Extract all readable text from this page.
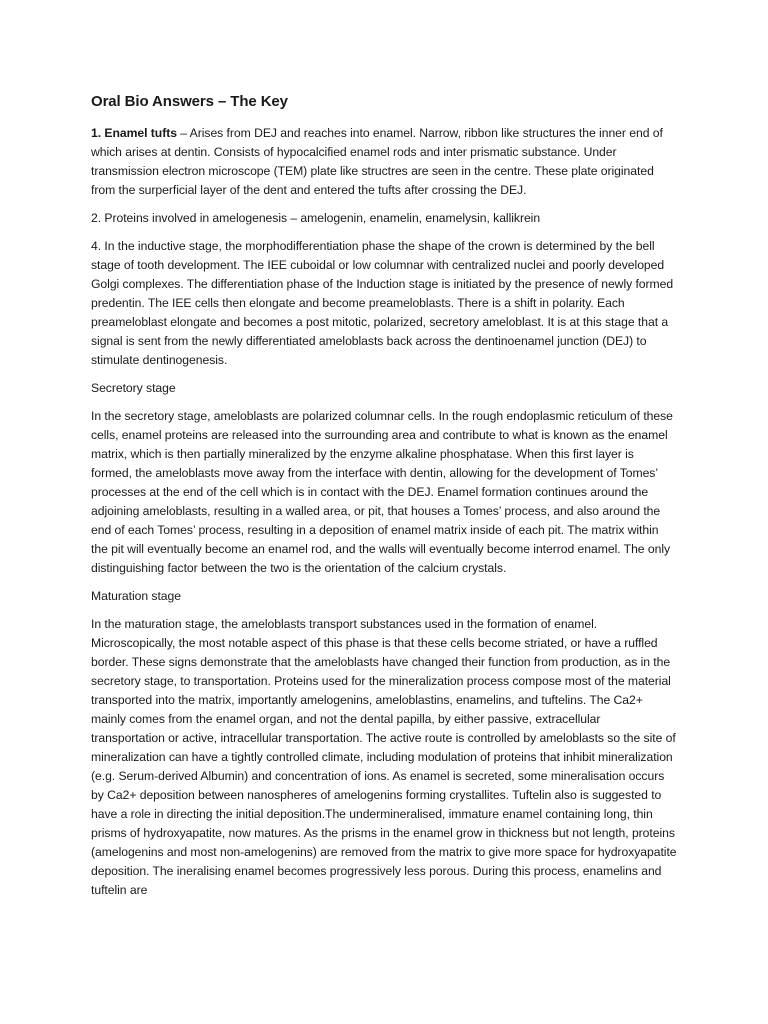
Oral Bio Answers – The Key

1. Enamel tufts – Arises from DEJ and reaches into enamel. Narrow, ribbon like structures the inner end of which arises at dentin. Consists of hypocalcified enamel rods and inter prismatic substance. Under transmission electron microscope (TEM) plate like structres are seen in the centre. These plate originated from the surperficial layer of the dent and entered the tufts after crossing the DEJ.

2. Proteins involved in amelogenesis – amelogenin, enamelin, enamelysin, kallikrein

4. In the inductive stage, the morphodifferentiation phase the shape of the crown is determined by the bell stage of tooth development. The IEE cuboidal or low columnar with centralized nuclei and poorly developed Golgi complexes. The differentiation phase of the Induction stage is initiated by the presence of newly formed predentin. The IEE cells then elongate and become preameloblasts. There is a shift in polarity. Each preameloblast elongate and becomes a post mitotic, polarized, secretory ameloblast. It is at this stage that a signal is sent from the newly differentiated ameloblasts back across the dentinoenamel junction (DEJ) to stimulate dentinogenesis.

Secretory stage

In the secretory stage, ameloblasts are polarized columnar cells. In the rough endoplasmic reticulum of these cells, enamel proteins are released into the surrounding area and contribute to what is known as the enamel matrix, which is then partially mineralized by the enzyme alkaline phosphatase. When this first layer is formed, the ameloblasts move away from the interface with dentin, allowing for the development of Tomes’ processes at the end of the cell which is in contact with the DEJ. Enamel formation continues around the adjoining ameloblasts, resulting in a walled area, or pit, that houses a Tomes’ process, and also around the end of each Tomes’ process, resulting in a deposition of enamel matrix inside of each pit. The matrix within the pit will eventually become an enamel rod, and the walls will eventually become interrod enamel. The only distinguishing factor between the two is the orientation of the calcium crystals.

Maturation stage

In the maturation stage, the ameloblasts transport substances used in the formation of enamel. Microscopically, the most notable aspect of this phase is that these cells become striated, or have a ruffled border. These signs demonstrate that the ameloblasts have changed their function from production, as in the secretory stage, to transportation. Proteins used for the mineralization process compose most of the material transported into the matrix, importantly amelogenins, ameloblastins, enamelins, and tuftelins. The Ca2+ mainly comes from the enamel organ, and not the dental papilla, by either passive, extracellular transportation or active, intracellular transportation. The active route is controlled by ameloblasts so the site of mineralization can have a tightly controlled climate, including modulation of proteins that inhibit mineralization (e.g. Serum-derived Albumin) and concentration of ions. As enamel is secreted, some mineralisation occurs by Ca2+ deposition between nanospheres of amelogenins forming crystallites. Tuftelin also is suggested to have a role in directing the initial deposition.The undermineralised, immature enamel containing long, thin prisms of hydroxyapatite, now matures. As the prisms in the enamel grow in thickness but not length, proteins (amelogenins and most non-amelogenins) are removed from the matrix to give more space for hydroxyapatite deposition. The ineralising enamel becomes progressively less porous. During this process, enamelins and tuftelin are
